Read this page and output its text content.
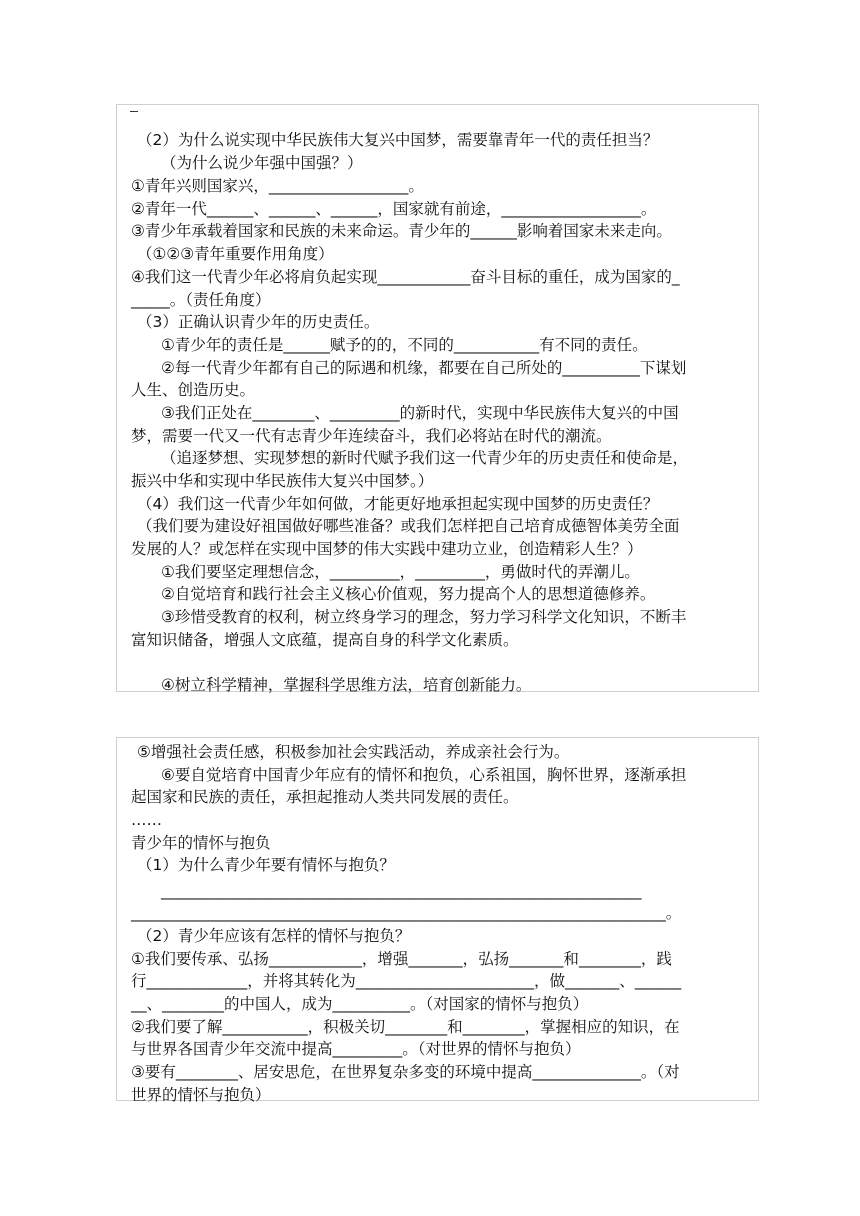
（2）为什么说实现中华民族伟大复兴中国梦，需要靠青年一代的责任担当？
（为什么说少年强中国强？）
①青年兴则国家兴，__________________。
②青年一代______、______、______，国家就有前途，__________________。
③青少年承载着国家和民族的未来命运。青少年的______影响着国家未来走向。
（①②③青年重要作用角度）
④我们这一代青少年必将肩负起实现____________奋斗目标的重任，成为国家的_
_____。（责任角度）
（3）正确认识青少年的历史责任。
①青少年的责任是______赋予的的，不同的___________有不同的责任。
②每一代青少年都有自己的际遇和机缘，都要在自己所处的__________下谋划
人生、创造历史。
③我们正处在________、_________的新时代，实现中华民族伟大复兴的中国
梦，需要一代又一代有志青少年连续奋斗，我们必将站在时代的潮流。
（追逐梦想、实现梦想的新时代赋予我们这一代青少年的历史责任和使命是，
振兴中华和实现中华民族伟大复兴中国梦。）
（4）我们这一代青少年如何做，才能更好地承担起实现中国梦的历史责任？
（我们要为建设好祖国做好哪些准备？或我们怎样把自己培育成德智体美劳全面
发展的人？或怎样在实现中国梦的伟大实践中建功立业，创造精彩人生？）
①我们要坚定理想信念，_________，_________，勇做时代的弄潮儿。
②自觉培育和践行社会主义核心价值观，努力提高个人的思想道德修养。
③珍惜受教育的权利，树立终身学习的理念，努力学习科学文化知识，不断丰
富知识储备，增强人文底蕴，提高自身的科学文化素质。
④树立科学精神，掌握科学思维方法，培育创新能力。
⑤增强社会责任感，积极参加社会实践活动，养成亲社会行为。
⑥要自觉培育中国青少年应有的情怀和抱负，心系祖国，胸怀世界，逐渐承担
起国家和民族的责任，承担起推动人类共同发展的责任。
……
青少年的情怀与抱负
（1）为什么青少年要有情怀与抱负？
______________________________________________________________
_____________________________________________________________________。
（2）青少年应该有怎样的情怀与抱负？
①我们要传承、弘扬____________，增强_______，弘扬_______和________，践
行_____________，并将其转化为_______________________，做_______、______
__、________的中国人，成为__________。（对国家的情怀与抱负）
②我们要了解___________，积极关切________和________，掌握相应的知识，在
与世界各国青少年交流中提高_________。（对世界的情怀与抱负）
③要有________、居安思危，在世界复杂多变的环境中提高______________。（对
世界的情怀与抱负）
